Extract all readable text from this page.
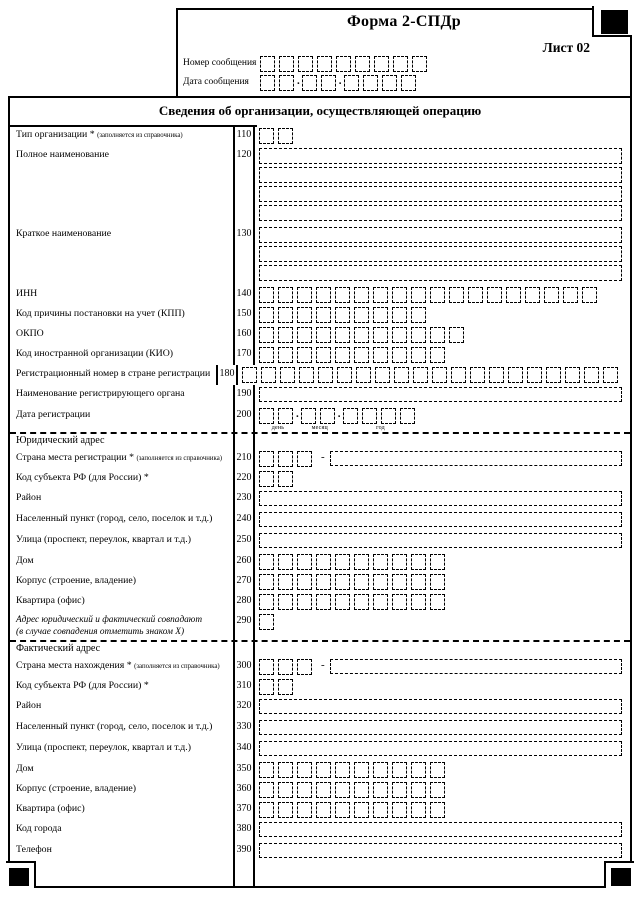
Форма 2-СПДр
Лист 02
Номер сообщения
Дата сообщения	.	.
Сведения об организации, осуществляющей операцию
Тип организации * (заполняется из справочника)	110
Полное наименование	120
Краткое наименование	130
ИНН	140
Код причины постановки на учет (КПП)	150
ОКПО	160
Код иностранной организации (КИО)	170
Регистрационный номер в стране регистрации 180
Наименование регистрирующего органа	190
Дата регистрации	200
день
.
месяц
.
год
Юридический адрес
Страна места регистрации * (заполняется из справочника)	210	-
Код субъекта РФ (для России) *	220
Район	230
Населенный пункт (город, село, поселок и т.д.)	240
Улица (проспект, переулок, квартал и т.д.)	250
Дом	260
Корпус (строение, владение)	270
Квартира (офис)	280
Адрес юридический и фактический совпадают
(в случае совпадения отметить знаком X)
290
Фактический адрес
Страна места нахождения * (заполняется из справочника)	300	-
Код субъекта РФ (для России) *	310
Район	320
Населенный пункт (город, село, поселок и т.д.)	330
Улица (проспект, переулок, квартал и т.д.)	340
Дом	350
Корпус (строение, владение)	360
Квартира (офис)	370
Код города	380
Телефон	390
